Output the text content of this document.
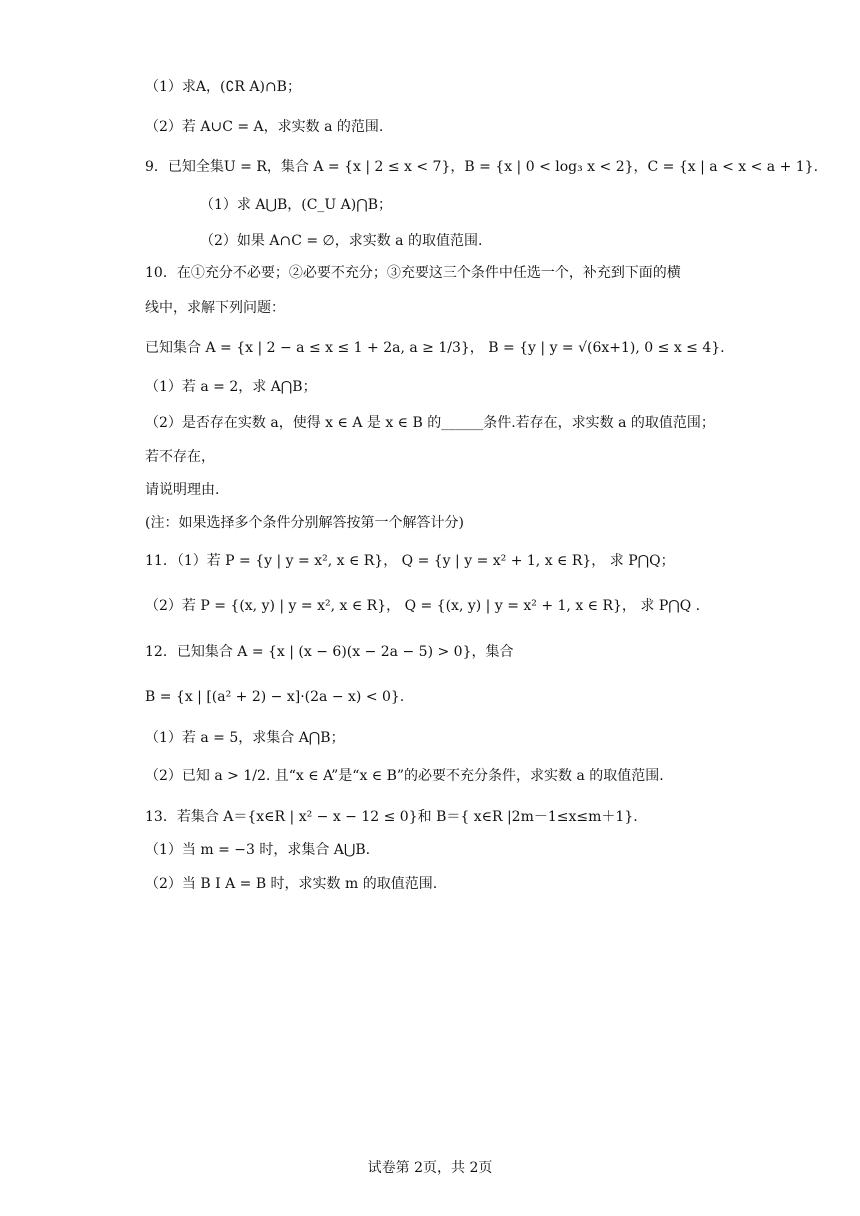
（1）求A，(∁R A)∩B；
（2）若 A∪C = A，求实数 a 的范围.
9．已知全集U = R，集合 A = {x | 2 ≤ x < 7}，B = {x | 0 < log₃ x < 2}，C = {x | a < x < a + 1}.
（1）求 A⋃B，(C_U A)⋂B；
（2）如果 A∩C = ∅，求实数 a 的取值范围.
10．在①充分不必要；②必要不充分；③充要这三个条件中任选一个，补充到下面的横
线中，求解下列问题：
已知集合 A = {x | 2 − a ≤ x ≤ 1 + 2a, a ≥ 1/3}， B = {y | y = √(6x+1), 0 ≤ x ≤ 4}.
（1）若 a = 2，求 A⋂B；
（2）是否存在实数 a，使得 x ∈ A 是 x ∈ B 的______条件.若存在，求实数 a 的取值范围；
若不存在，
请说明理由.
(注：如果选择多个条件分别解答按第一个解答计分)
11．（1）若 P = {y | y = x², x ∈ R}， Q = {y | y = x² + 1, x ∈ R}， 求 P⋂Q；
（2）若 P = {(x, y) | y = x², x ∈ R}， Q = {(x, y) | y = x² + 1, x ∈ R}， 求 P⋂Q .
12．已知集合 A = {x | (x − 6)(x − 2a − 5) > 0}，集合
B = {x | [(a² + 2) − x]·(2a − x) < 0}.
（1）若 a = 5，求集合 A⋂B；
（2）已知 a > 1/2. 且“x ∈ A”是“x ∈ B”的必要不充分条件，求实数 a 的取值范围.
13．若集合 A＝{x∈R | x² − x − 12 ≤ 0}和 B＝{ x∈R |2m－1≤x≤m＋1}.
（1）当 m = −3 时，求集合 A⋃B.
（2）当 B I A = B 时，求实数 m 的取值范围.
试卷第 2页，共 2页
